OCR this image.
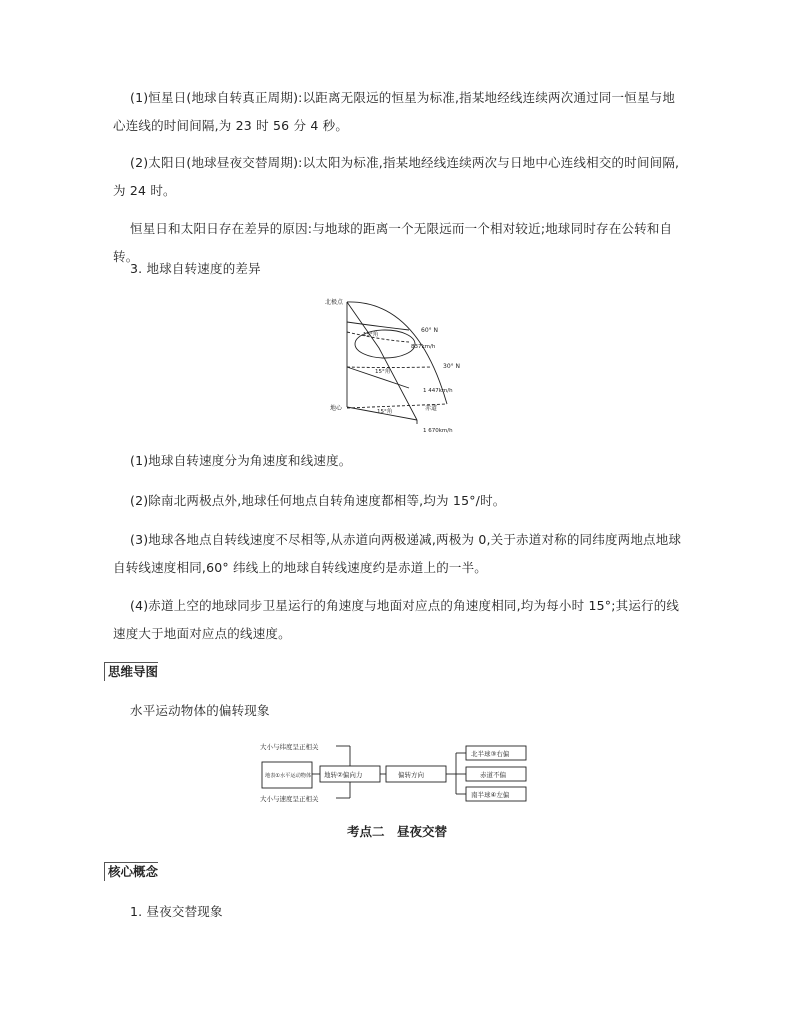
(1)恒星日(地球自转真正周期):以距离无限远的恒星为标准,指某地经线连续两次通过同一恒星与地心连线的时间间隔,为 23 时 56 分 4 秒。
(2)太阳日(地球昼夜交替周期):以太阳为标准,指某地经线连续两次与日地中心连线相交的时间间隔,为 24 时。
恒星日和太阳日存在差异的原因:与地球的距离一个无限远而一个相对较近;地球同时存在公转和自转。
3. 地球自转速度的差异
北极点
地心	赤道
60° N
30° N
15°角
15°角
15°角
837km/h
1 447km/h
1 670km/h
(1)地球自转速度分为角速度和线速度。
(2)除南北两极点外,地球任何地点自转角速度都相等,均为 15°/时。
(3)地球各地点自转线速度不尽相等,从赤道向两极递减,两极为 0,关于赤道对称的同纬度两地点地球自转线速度相同,60° 纬线上的地球自转线速度约是赤道上的一半。
(4)赤道上空的地球同步卫星运行的角速度与地面对应点的角速度相同,均为每小时 15°;其运行的线速度大于地面对应点的线速度。
思维导图
水平运动物体的偏转现象
大小与纬度呈正相关
大小与速度呈正相关
地表①水平运动物体 地转②偏向力	偏转方向
北半球③右偏
赤道不偏
南半球④左偏
考点二　昼夜交替
核心概念
1. 昼夜交替现象
